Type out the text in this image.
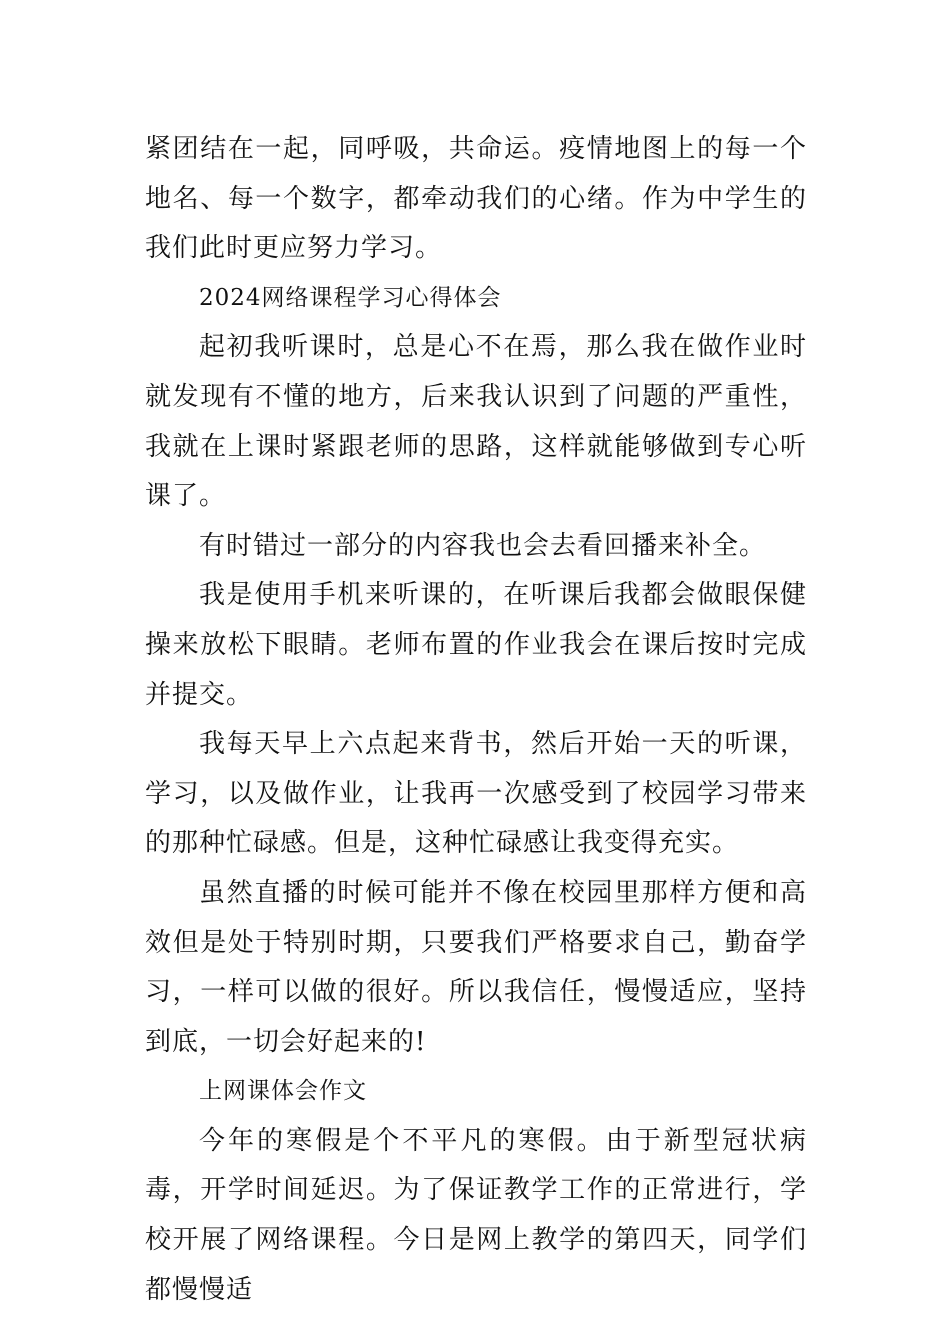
紧团结在一起，同呼吸，共命运。疫情地图上的每一个地名、每一个数字，都牵动我们的心绪。作为中学生的我们此时更应努力学习。

2024网络课程学习心得体会

起初我听课时，总是心不在焉，那么我在做作业时就发现有不懂的地方，后来我认识到了问题的严重性，我就在上课时紧跟老师的思路，这样就能够做到专心听课了。

有时错过一部分的内容我也会去看回播来补全。

我是使用手机来听课的，在听课后我都会做眼保健操来放松下眼睛。老师布置的作业我会在课后按时完成并提交。

我每天早上六点起来背书，然后开始一天的听课，学习，以及做作业，让我再一次感受到了校园学习带来的那种忙碌感。但是，这种忙碌感让我变得充实。

虽然直播的时候可能并不像在校园里那样方便和高效但是处于特别时期，只要我们严格要求自己，勤奋学习，一样可以做的很好。所以我信任，慢慢适应，坚持到底，一切会好起来的!

上网课体会作文

今年的寒假是个不平凡的寒假。由于新型冠状病毒，开学时间延迟。为了保证教学工作的正常进行，学校开展了网络课程。今日是网上教学的第四天，同学们都慢慢适
